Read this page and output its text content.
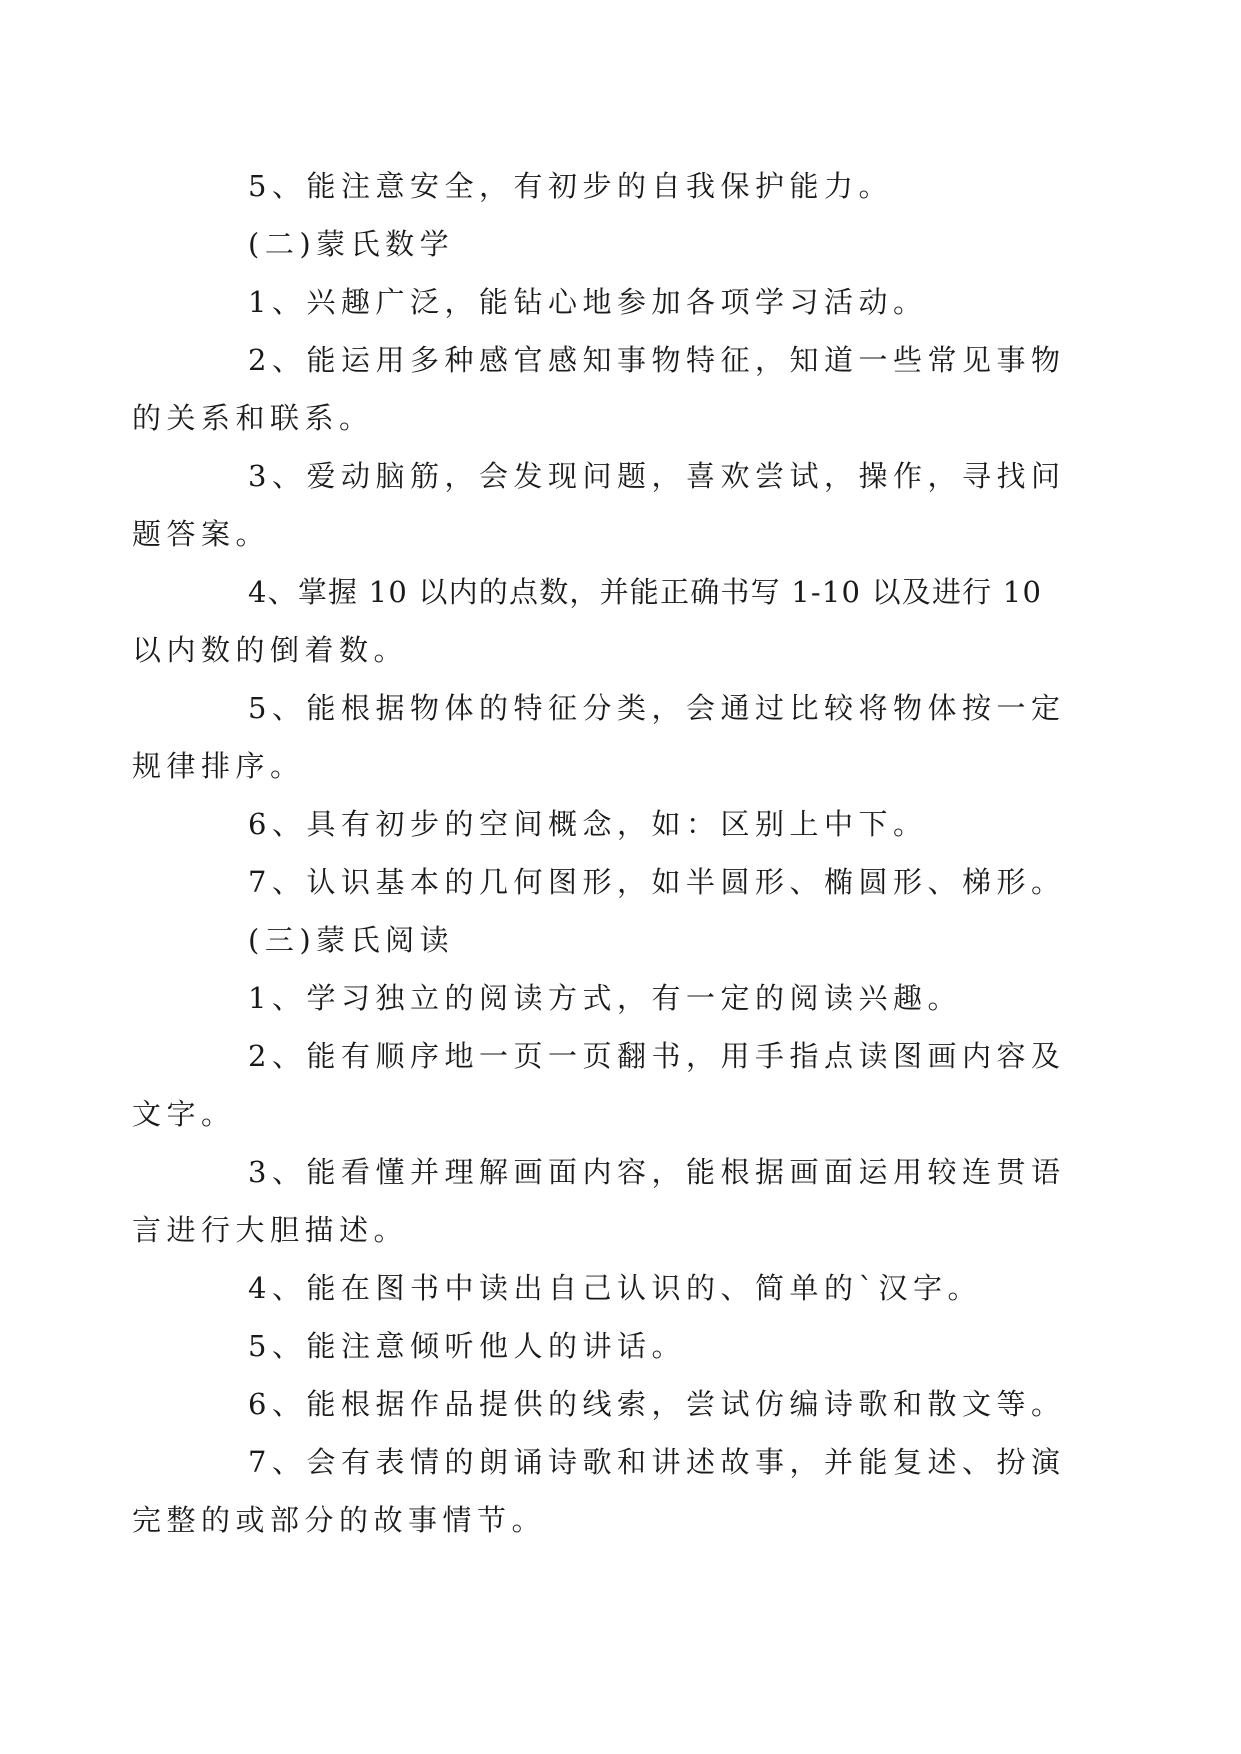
5、能注意安全，有初步的自我保护能力。

(二)蒙氏数学

1、兴趣广泛，能钻心地参加各项学习活动。

2、能运用多种感官感知事物特征，知道一些常见事物
的关系和联系。

3、爱动脑筋，会发现问题，喜欢尝试，操作，寻找问
题答案。

4、掌握 10 以内的点数，并能正确书写 1-10 以及进行 10
以内数的倒着数。

5、能根据物体的特征分类，会通过比较将物体按一定
规律排序。

6、具有初步的空间概念，如：区别上中下。

7、认识基本的几何图形，如半圆形、椭圆形、梯形。

(三)蒙氏阅读

1、学习独立的阅读方式，有一定的阅读兴趣。

2、能有顺序地一页一页翻书，用手指点读图画内容及
文字。

3、能看懂并理解画面内容，能根据画面运用较连贯语
言进行大胆描述。

4、能在图书中读出自己认识的、简单的`汉字。

5、能注意倾听他人的讲话。

6、能根据作品提供的线索，尝试仿编诗歌和散文等。

7、会有表情的朗诵诗歌和讲述故事，并能复述、扮演
完整的或部分的故事情节。
